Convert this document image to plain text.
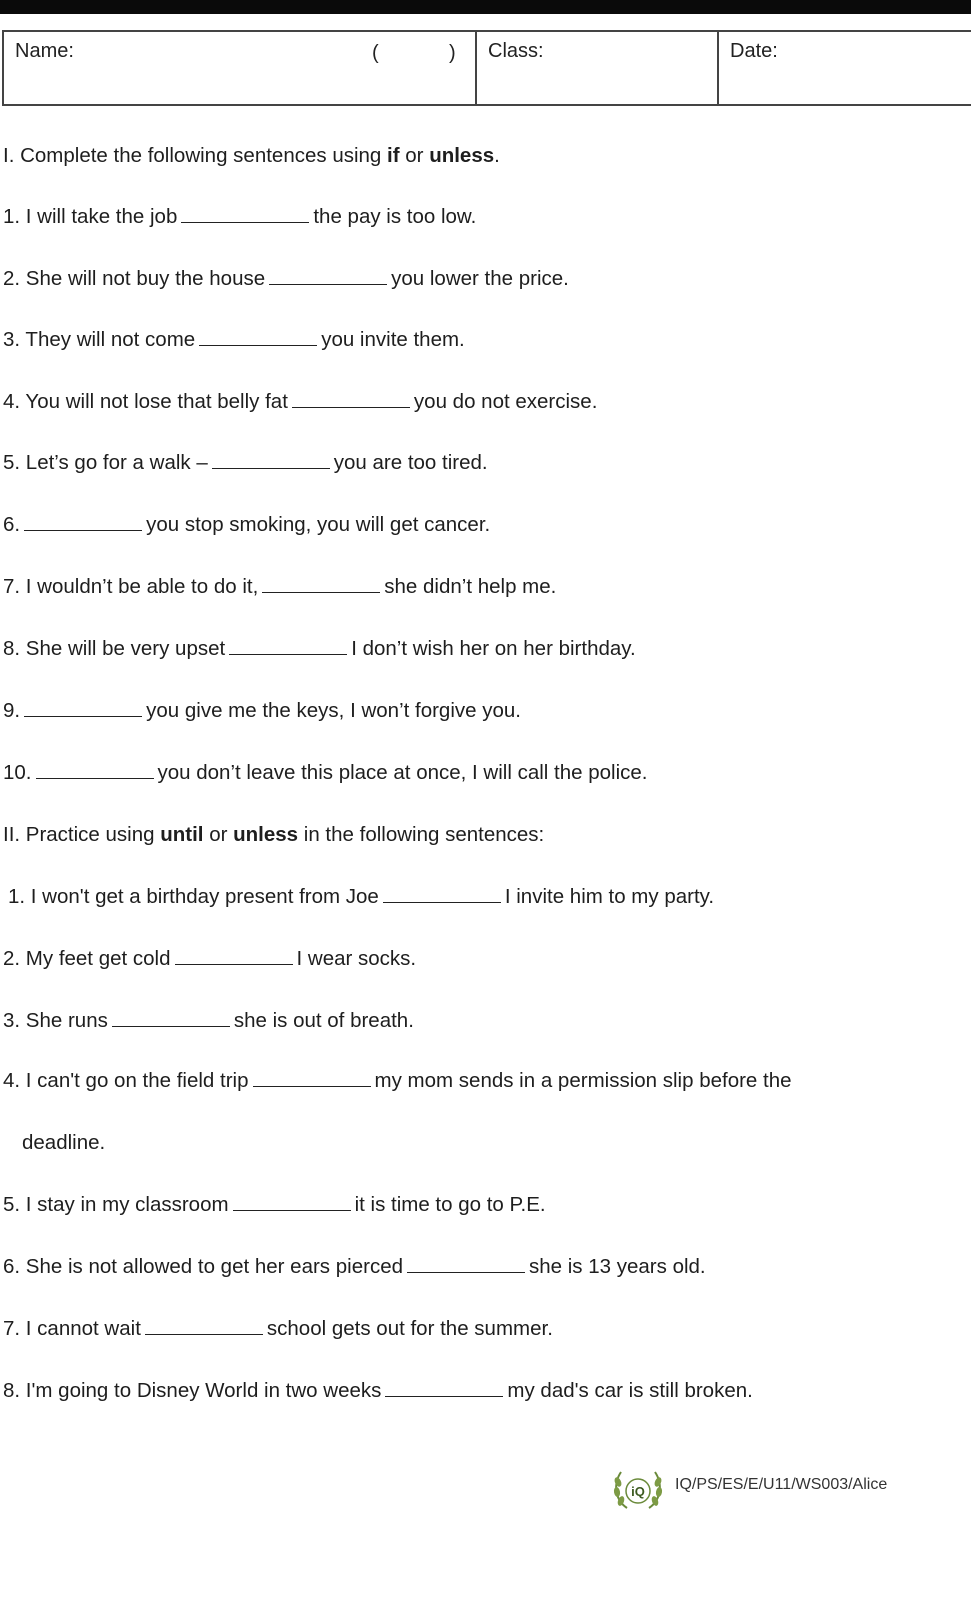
Name:	(	) Class:	Date:
I. Complete the following sentences using if or unless.
1. I will take the job	the pay is too low.
2. She will not buy the house	you lower the price.
3. They will not come	you invite them.
4. You will not lose that belly fat	you do not exercise.
5. Let’s go for a walk –	you are too tired.
6.	you stop smoking, you will get cancer.
7. I wouldn’t be able to do it,	she didn’t help me.
8. She will be very upset	I don’t wish her on her birthday.
9.	you give me the keys, I won’t forgive you.
10.	you don’t leave this place at once, I will call the police.
II. Practice using until or unless in the following sentences:
1. I won't get a birthday present from Joe	I invite him to my party.
2. My feet get cold	I wear socks.
3. She runs	she is out of breath.
4. I can't go on the field trip	my mom sends in a permission slip before the
deadline.
5. I stay in my classroom	it is time to go to P.E.
6. She is not allowed to get her ears pierced	she is 13 years old.
7. I cannot wait	school gets out for the summer.
8. I'm going to Disney World in two weeks	my dad's car is still broken.
iQ IQ/PS/ES/E/U11/WS003/Alice
